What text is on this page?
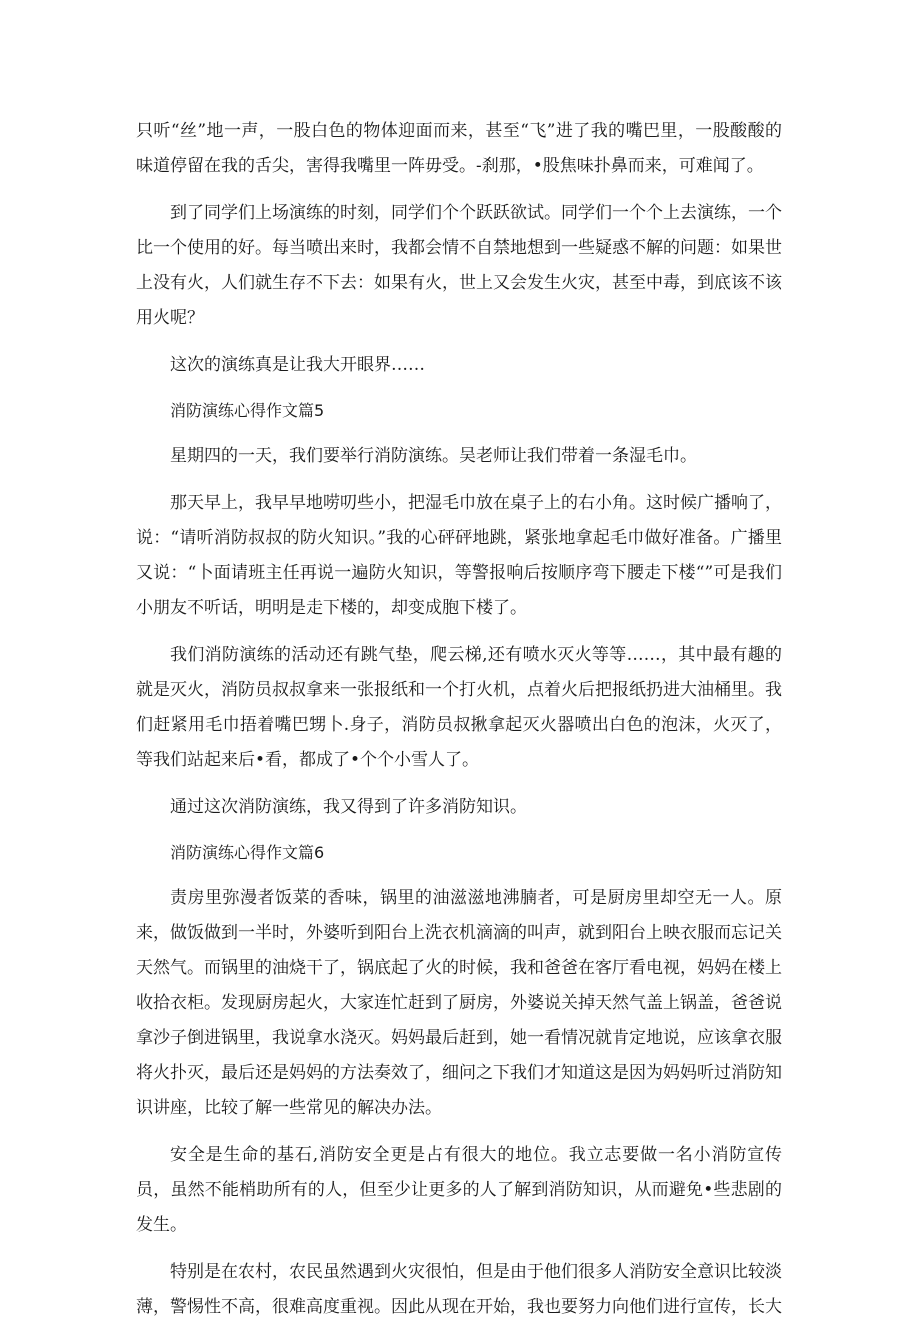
只听“丝”地一声，一股白色的物体迎面而来，甚至“飞”进了我的嘴巴里，一股酸酸的味道停留在我的舌尖，害得我嘴里一阵毋受。-刹那，•股焦味扑鼻而来，可难闻了。

到了同学们上场演练的时刻，同学们个个跃跃欲试。同学们一个个上去演练，一个比一个使用的好。每当喷出来时，我都会情不自禁地想到一些疑惑不解的问题：如果世上没有火，人们就生存不下去：如果有火，世上又会发生火灾，甚至中毒，到底该不该用火呢？

这次的演练真是让我大开眼界……

消防演练心得作文篇5

星期四的一天，我们要举行消防演练。吴老师让我们带着一条湿毛巾。

那天早上，我早早地唠叨些小，把湿毛巾放在桌子上的右小角。这时候广播响了，说：“请听消防叔叔的防火知识。”我的心砰砰地跳，紧张地拿起毛巾做好准备。广播里又说：“卜面请班主任再说一遍防火知识，等警报响后按顺序弯下腰走下楼“”可是我们小朋友不听话，明明是走下楼的，却变成胞下楼了。

我们消防演练的活动还有跳气垫，爬云梯,还有喷水灭火等等……，其中最有趣的就是灭火，消防员叔叔拿来一张报纸和一个打火机，点着火后把报纸扔进大油桶里。我们赶紧用毛巾捂着嘴巴甥卜.身子，消防员叔揪拿起灭火器喷出白色的泡沫，火灭了，等我们站起来后•看，都成了•个个小雪人了。

通过这次消防演练，我又得到了许多消防知识。

消防演练心得作文篇6

责房里弥漫者饭菜的香味，锅里的油滋滋地沸腩者，可是厨房里却空无一人。原来，做饭做到一半时，外婆听到阳台上洗衣机滴滴的叫声，就到阳台上映衣服而忘记关天然气。而锅里的油烧干了，锅底起了火的时候，我和爸爸在客厅看电视，妈妈在楼上收拾衣柜。发现厨房起火，大家连忙赶到了厨房，外婆说关掉天然气盖上锅盖，爸爸说拿沙子倒进锅里，我说拿水浇灭。妈妈最后赶到，她一看情况就肯定地说，应该拿衣服将火扑灭，最后还是妈妈的方法奏效了，细问之下我们才知道这是因为妈妈听过消防知识讲座，比较了解一些常见的解决办法。

安全是生命的基石,消防安全更是占有很大的地位。我立志要做一名小消防宣传员，虽然不能梢助所有的人，但至少让更多的人了解到消防知识，从而避免•些悲剧的发生。

特别是在农村，农民虽然遇到火灾很怕，但是由于他们很多人消防安全意识比较淡薄，警惕性不高，很难高度重视。因此从现在开始，我也要努力向他们进行宣传，长大
